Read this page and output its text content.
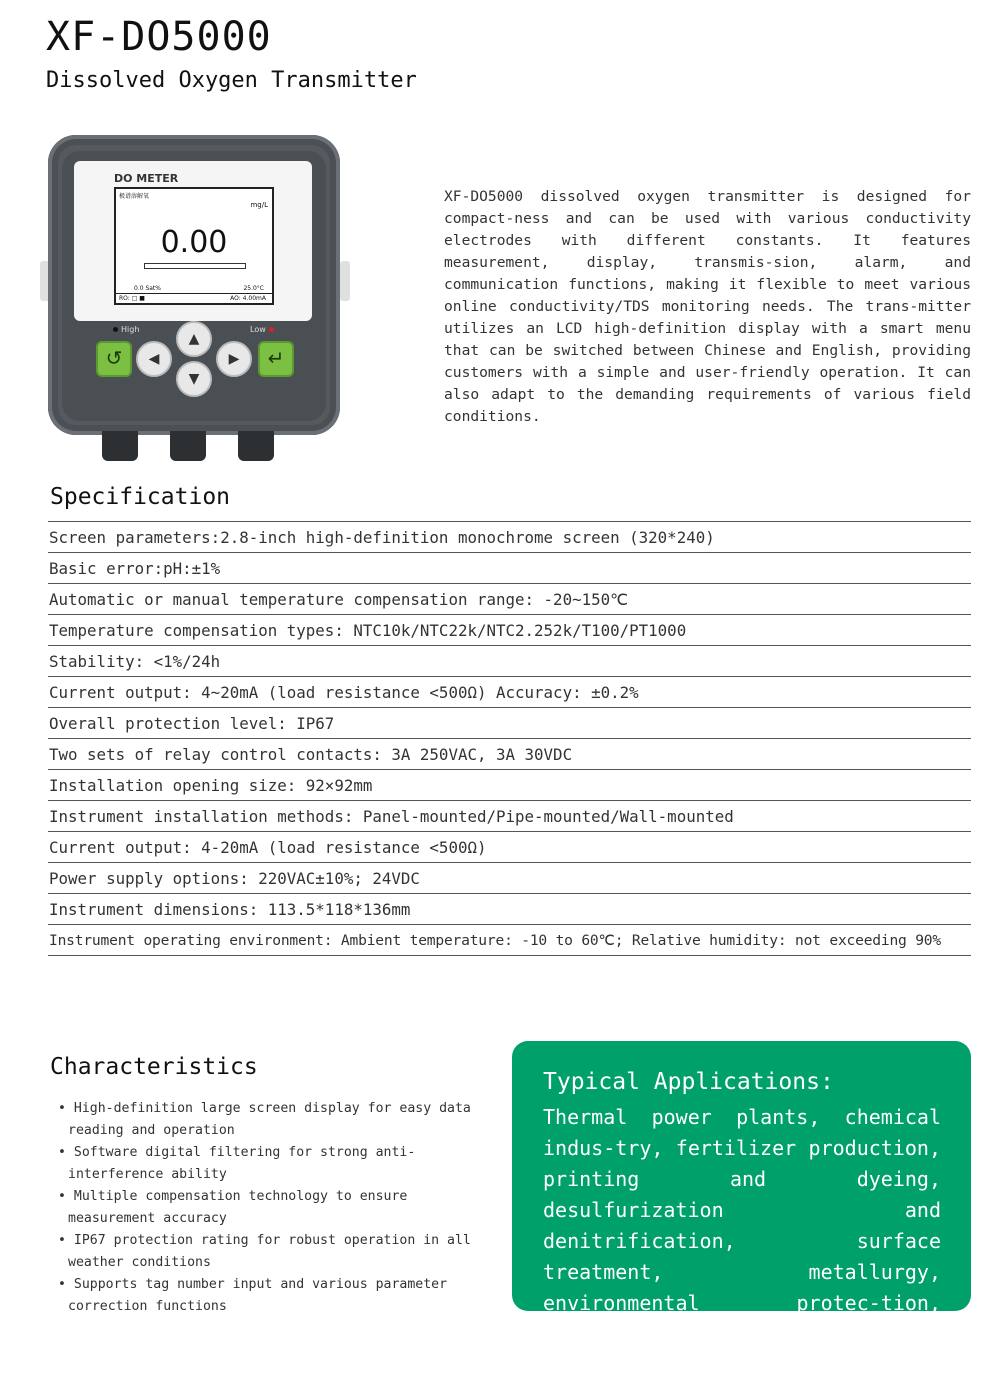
XF-DO5000
Dissolved Oxygen Transmitter
DO METER
极谱溶解氧
mg/L
0.00
0.0 Sat%	25.0°C
RO: □ ■	AO: 4.00mA
High	Low
↺	◀
▲
▼
▶	↵
XF-DO5000 dissolved oxygen transmitter is designed for compact-ness and can be used with various conductivity electrodes with different constants. It features measurement, display, transmis-sion, alarm, and communication functions, making it flexible to meet various online conductivity/TDS monitoring needs. The trans-mitter utilizes an LCD high-definition display with a smart menu that can be switched between Chinese and English, providing customers with a simple and user-friendly operation. It can also adapt to the demanding requirements of various field conditions.
Specification
Screen parameters:2.8-inch high-definition monochrome screen (320*240)
Basic error:pH:±1%
Automatic or manual temperature compensation range: -20~150℃
Temperature compensation types: NTC10k/NTC22k/NTC2.252k/T100/PT1000
Stability: <1%/24h
Current output: 4~20mA (load resistance <500Ω) Accuracy: ±0.2%
Overall protection level: IP67
Two sets of relay control contacts: 3A 250VAC, 3A 30VDC
Installation opening size: 92×92mm
Instrument installation methods: Panel-mounted/Pipe-mounted/Wall-mounted
Current output: 4-20mA (load resistance <500Ω)
Power supply options: 220VAC±10%; 24VDC
Instrument dimensions: 113.5*118*136mm
Instrument operating environment: Ambient temperature: -10 to 60℃; Relative humidity: not exceeding 90%
Characteristics
• High-definition large screen display for easy data reading and operation
• Software digital filtering for strong anti-interference ability
• Multiple compensation technology to ensure measurement accuracy
• IP67 protection rating for robust operation in all weather conditions
• Supports tag number input and various parameter correction functions
Typical Applications:
Thermal power plants, chemical indus-try, fertilizer production, printing and dyeing, desulfurization and denitrification, surface treatment, metallurgy, environmental protec-tion, pharmaceuticals, biochemistry, food, tap water
